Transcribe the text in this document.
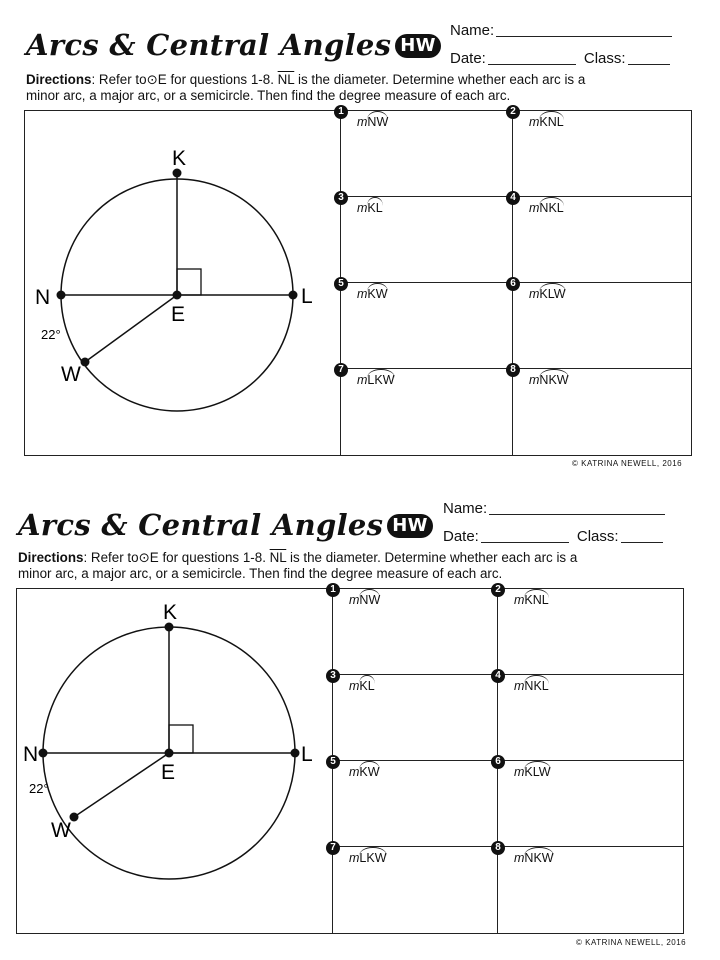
Arcs & Central Angles HW
Name:
Date:	Class:
Directions: Refer to⊙E for questions 1-8. $\overline{NL}$ is the diameter. Determine whether each arc is a
minor arc, a major arc, or a semicircle. Then find the degree measure of each arc.
K
N	L
E
W
22°
1
mNW
2
mKNL
3
mKL
4
mNKL
5
mKW
6
mKLW
7
mLKW
8
mNKW
© KATRINA NEWELL, 2016
Arcs & Central Angles HW
Name:
Date:	Class:
Directions: Refer to⊙E for questions 1-8. $\overline{NL}$ is the diameter. Determine whether each arc is a
minor arc, a major arc, or a semicircle. Then find the degree measure of each arc.
K
N	L
E
W
22°
1
mNW
2
mKNL
3
mKL
4
mNKL
5
mKW
6
mKLW
7
mLKW
8
mNKW
© KATRINA NEWELL, 2016
